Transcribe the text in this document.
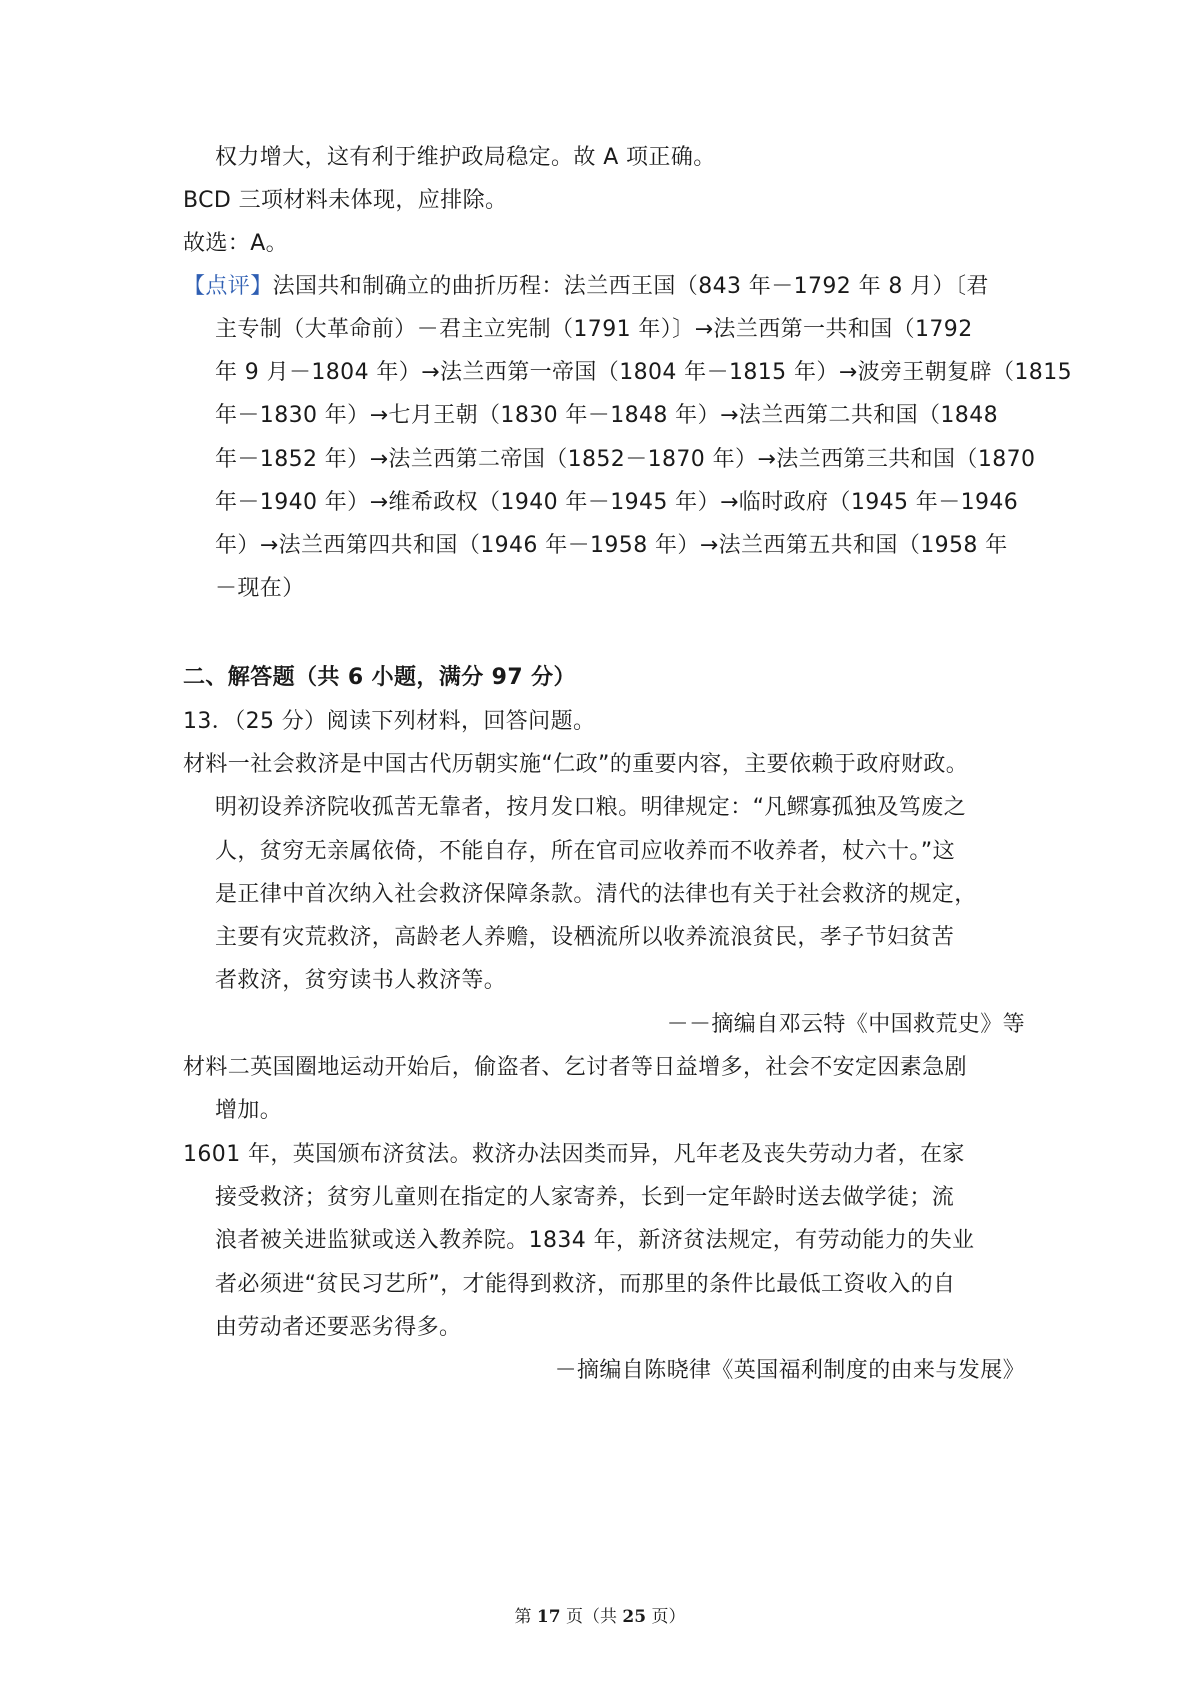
权力增大，这有利于维护政局稳定。故 A 项正确。
BCD 三项材料未体现，应排除。
故选：A。
【点评】法国共和制确立的曲折历程：法兰西王国（843 年－1792 年 8 月）〔君
主专制（大革命前）－君主立宪制（1791 年）〕→法兰西第一共和国（1792
年 9 月－1804 年）→法兰西第一帝国（1804 年－1815 年）→波旁王朝复辟（1815
年－1830 年）→七月王朝（1830 年－1848 年）→法兰西第二共和国（1848
年－1852 年）→法兰西第二帝国（1852－1870 年）→法兰西第三共和国（1870
年－1940 年）→维希政权（1940 年－1945 年）→临时政府（1945 年－1946
年）→法兰西第四共和国（1946 年－1958 年）→法兰西第五共和国（1958 年
－现在）
二、解答题（共 6 小题，满分 97 分）
13．（25 分）阅读下列材料，回答问题。
材料一社会救济是中国古代历朝实施“仁政”的重要内容，主要依赖于政府财政。
明初设养济院收孤苦无靠者，按月发口粮。明律规定：“凡鳏寡孤独及笃废之
人，贫穷无亲属依倚，不能自存，所在官司应收养而不收养者，杖六十。”这
是正律中首次纳入社会救济保障条款。清代的法律也有关于社会救济的规定，
主要有灾荒救济，高龄老人养赡，设栖流所以收养流浪贫民，孝子节妇贫苦
者救济，贫穷读书人救济等。
－－摘编自邓云特《中国救荒史》等
材料二英国圈地运动开始后，偷盗者、乞讨者等日益增多，社会不安定因素急剧
增加。
1601 年，英国颁布济贫法。救济办法因类而异，凡年老及丧失劳动力者，在家
接受救济；贫穷儿童则在指定的人家寄养，长到一定年龄时送去做学徒；流
浪者被关进监狱或送入教养院。1834 年，新济贫法规定，有劳动能力的失业
者必须进“贫民习艺所”，才能得到救济，而那里的条件比最低工资收入的自
由劳动者还要恶劣得多。
－摘编自陈晓律《英国福利制度的由来与发展》
第 17 页（共 25 页）
